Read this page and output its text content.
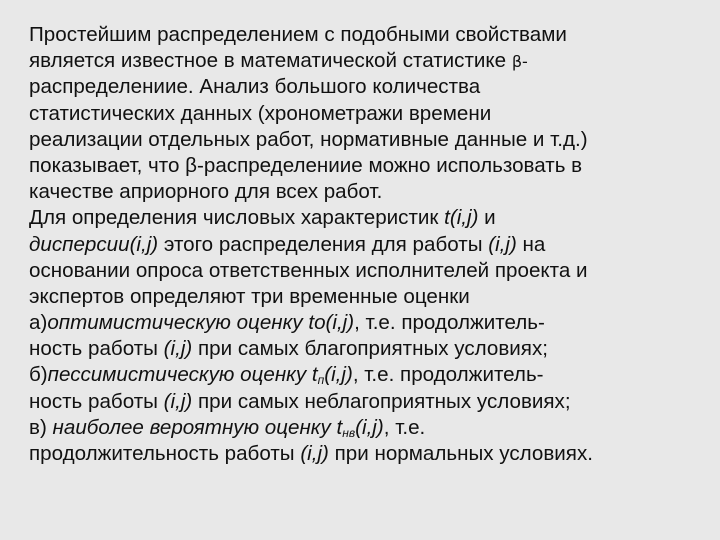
Простейшим распределением с подобными свойствами
является известное в математической статистике β-
распределениие. Анализ большого количества
статистических данных (хронометражи времени
реализации отдельных работ, нормативные данные и т.д.)
показывает, что β-распределениие можно использовать в
качестве априорного для всех работ.
Для определения числовых характеристик t(i,j) и
дисперсии(i,j) этого распределения для работы (i,j) на
основании опроса ответственных исполнителей проекта и
экспертов определяют три временные оценки
а)оптимистическую оценку to(i,j), т.е. продолжитель-
ность работы (i,j) при самых благоприятных условиях;
б)пессимистическую оценку $t_п(i,j)$, т.е. продолжитель-
ность работы (i,j) при самых неблагоприятных условиях;
в) наиболее вероятную оценку $t_{нв}(i,j)$, т.е.
продолжительность работы (i,j) при нормальных условиях.
